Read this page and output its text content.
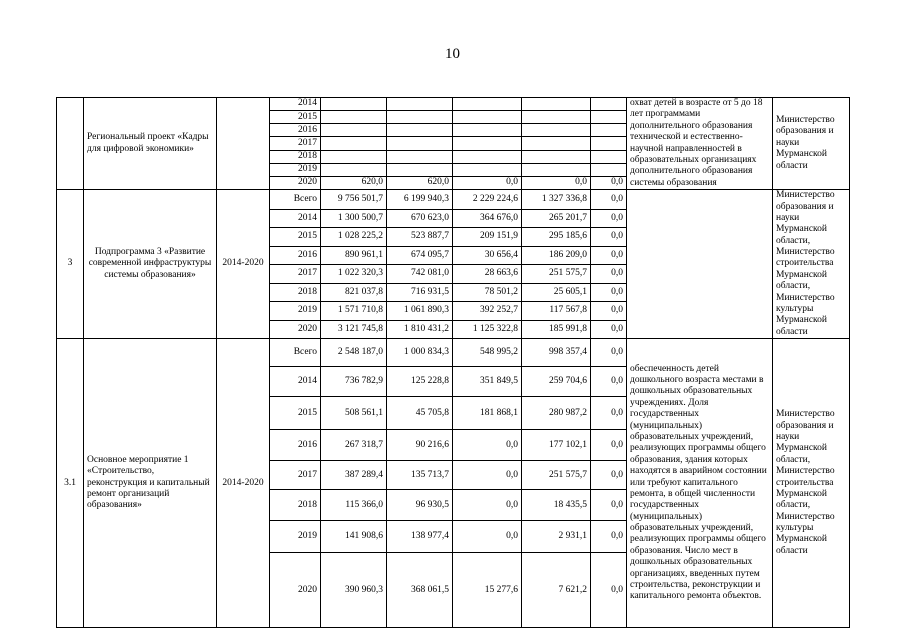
10
	Региональный проект «Кадры для цифровой экономики»		2014						охват детей в возрасте от 5 до 18 лет программами дополнительного образования технической и естественно-научной направленностей в образовательных организациях дополнительного образования системы образования	Министерство образования и науки Мурманской области
			2015							
			2016							
			2017							
			2018							
			2019							
			2020	620,0	620,0	0,0	0,0	0,0		
3	Подпрограмма 3 «Развитие современной инфраструктуры системы образования»	2014-2020	Всего	9 756 501,7	6 199 940,3	2 229 224,6	1 327 336,8	0,0		Министерство образования и науки Мурманской области, Министерство строительства Мурманской области, Министерство культуры Мурманской области
			2014	1 300 500,7	670 623,0	364 676,0	265 201,7	0,0		
			2015	1 028 225,2	523 887,7	209 151,9	295 185,6	0,0		
			2016	890 961,1	674 095,7	30 656,4	186 209,0	0,0		
			2017	1 022 320,3	742 081,0	28 663,6	251 575,7	0,0		
			2018	821 037,8	716 931,5	78 501,2	25 605,1	0,0		
			2019	1 571 710,8	1 061 890,3	392 252,7	117 567,8	0,0		
			2020	3 121 745,8	1 810 431,2	1 125 322,8	185 991,8	0,0		
3.1	Основное мероприятие 1 «Строительство, реконструкция и капитальный ремонт организаций образования»	2014-2020	Всего	2 548 187,0	1 000 834,3	548 995,2	998 357,4	0,0	обеспеченность детей дошкольного возраста местами в дошкольных образовательных учреждениях. Доля государственных (муниципальных) образовательных учреждений, реализующих программы общего образования, здания которых находятся в аварийном состоянии или требуют капитального ремонта, в общей численности государственных (муниципальных) образовательных учреждений, реализующих программы общего образования. Число мест в дошкольных образовательных организациях, введенных путем строительства, реконструкции и капитального ремонта объектов.	Министерство образования и науки Мурманской области, Министерство строительства Мурманской области, Министерство культуры Мурманской области
			2014	736 782,9	125 228,8	351 849,5	259 704,6	0,0		
			2015	508 561,1	45 705,8	181 868,1	280 987,2	0,0		
			2016	267 318,7	90 216,6	0,0	177 102,1	0,0		
			2017	387 289,4	135 713,7	0,0	251 575,7	0,0		
			2018	115 366,0	96 930,5	0,0	18 435,5	0,0		
			2019	141 908,6	138 977,4	0,0	2 931,1	0,0		
			2020	390 960,3	368 061,5	15 277,6	7 621,2	0,0		
